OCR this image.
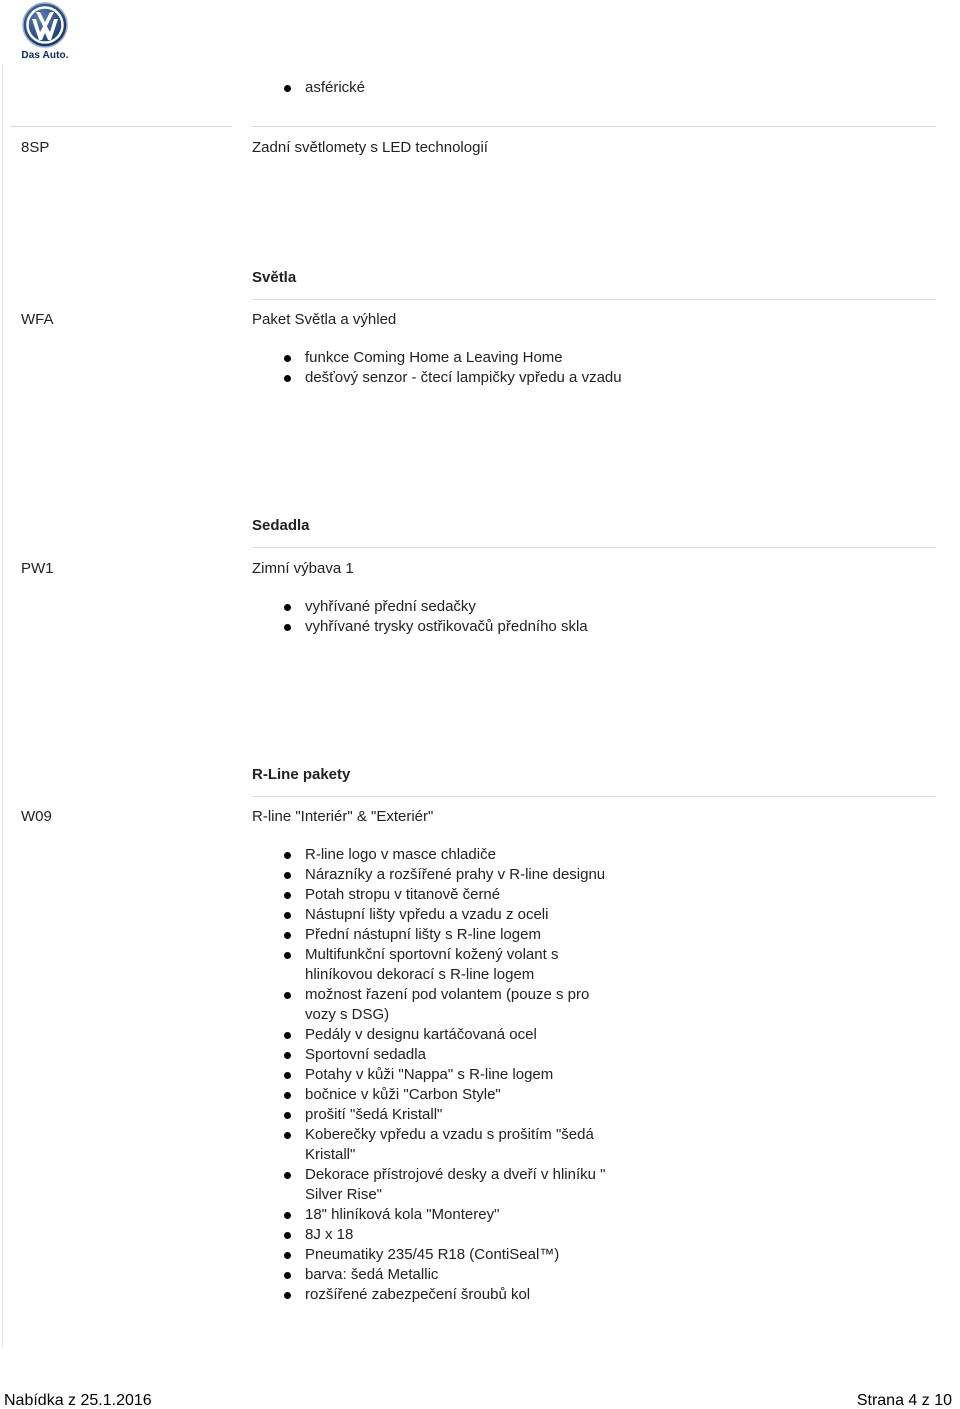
Das Auto.
asférické
8SP	Zadní světlomety s LED technologií
Světla
WFA	Paket Světla a výhled
funkce Coming Home a Leaving Home
dešťový senzor - čtecí lampičky vpředu a vzadu
Sedadla
PW1	Zimní výbava 1
vyhřívané přední sedačky
vyhřívané trysky ostřikovačů předního skla
R-Line pakety
W09	R-line "Interiér" & "Exteriér"
R-line logo v masce chladiče
Nárazníky a rozšířené prahy v R-line designu
Potah stropu v titanově černé
Nástupní lišty vpředu a vzadu z oceli
Přední nástupní lišty s R-line logem
Multifunkční sportovní kožený volant s hliníkovou dekorací s R-line logem
možnost řazení pod volantem (pouze s pro vozy s DSG)
Pedály v designu kartáčovaná ocel
Sportovní sedadla
Potahy v kůži "Nappa" s R-line logem
bočnice v kůži "Carbon Style"
prošití "šedá Kristall"
Koberečky vpředu a vzadu s prošitím "šedá Kristall"
Dekorace přístrojové desky a dveří v hliníku " Silver Rise"
18" hliníková kola "Monterey"
8J x 18
Pneumatiky 235/45 R18 (ContiSeal™)
barva: šedá Metallic
rozšířené zabezpečení šroubů kol
Nabídka z 25.1.2016	Strana 4 z 10
